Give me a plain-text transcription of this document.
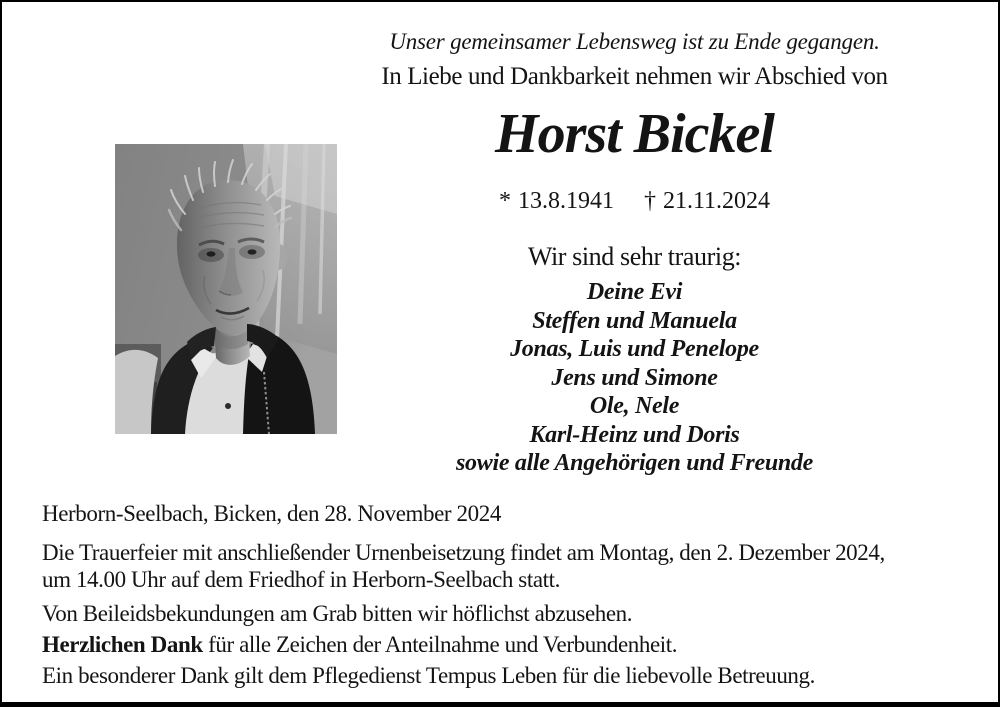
Unser gemeinsamer Lebensweg ist zu Ende gegangen.
In Liebe und Dankbarkeit nehmen wir Abschied von
Horst Bickel
* 13.8.1941 † 21.11.2024
Wir sind sehr traurig:
Deine Evi
Steffen und Manuela
Jonas, Luis und Penelope
Jens und Simone
Ole, Nele
Karl-Heinz und Doris
sowie alle Angehörigen und Freunde
Herborn-Seelbach, Bicken, den 28. November 2024
Die Trauerfeier mit anschließender Urnenbeisetzung findet am Montag, den 2. Dezember 2024,
um 14.00 Uhr auf dem Friedhof in Herborn-Seelbach statt.
Von Beileidsbekundungen am Grab bitten wir höflichst abzusehen.
Herzlichen Dank für alle Zeichen der Anteilnahme und Verbundenheit.
Ein besonderer Dank gilt dem Pflegedienst Tempus Leben für die liebevolle Betreuung.
